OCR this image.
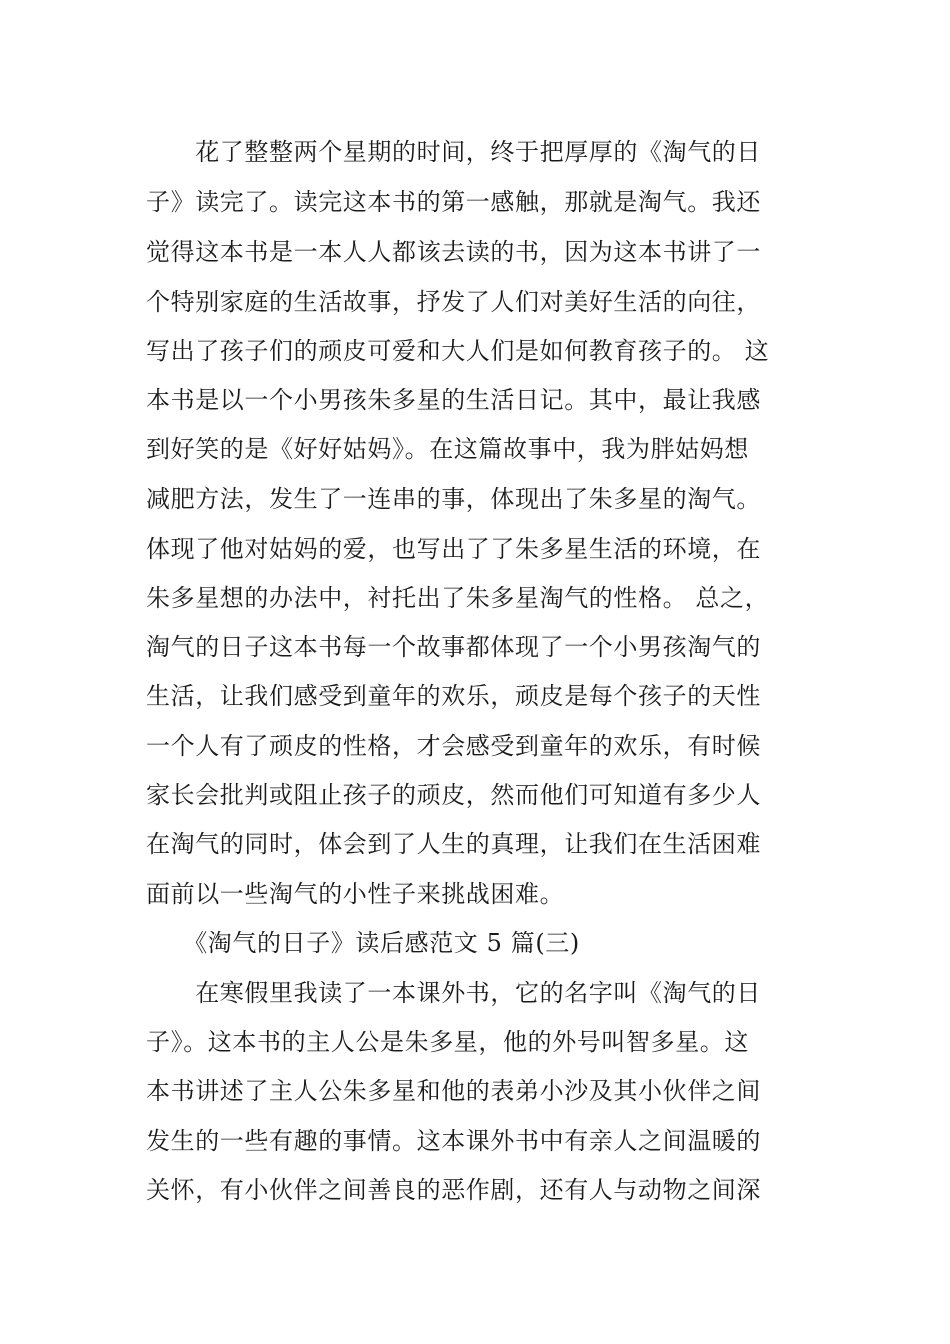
　　花了整整两个星期的时间，终于把厚厚的《淘气的日
子》读完了。读完这本书的第一感触，那就是淘气。我还
觉得这本书是一本人人都该去读的书，因为这本书讲了一
个特别家庭的生活故事，抒发了人们对美好生活的向往，
写出了孩子们的顽皮可爱和大人们是如何教育孩子的。 这
本书是以一个小男孩朱多星的生活日记。其中，最让我感
到好笑的是《好好姑妈》。在这篇故事中，我为胖姑妈想
减肥方法，发生了一连串的事，体现出了朱多星的淘气。
体现了他对姑妈的爱，也写出了了朱多星生活的环境，在
朱多星想的办法中，衬托出了朱多星淘气的性格。 总之，
淘气的日子这本书每一个故事都体现了一个小男孩淘气的
生活，让我们感受到童年的欢乐，顽皮是每个孩子的天性
一个人有了顽皮的性格，才会感受到童年的欢乐，有时候
家长会批判或阻止孩子的顽皮，然而他们可知道有多少人
在淘气的同时，体会到了人生的真理，让我们在生活困难
面前以一些淘气的小性子来挑战困难。
　　《淘气的日子》读后感范文 5 篇(三)
　　在寒假里我读了一本课外书，它的名字叫《淘气的日
子》。这本书的主人公是朱多星，他的外号叫智多星。这
本书讲述了主人公朱多星和他的表弟小沙及其小伙伴之间
发生的一些有趣的事情。这本课外书中有亲人之间温暖的
关怀，有小伙伴之间善良的恶作剧，还有人与动物之间深
